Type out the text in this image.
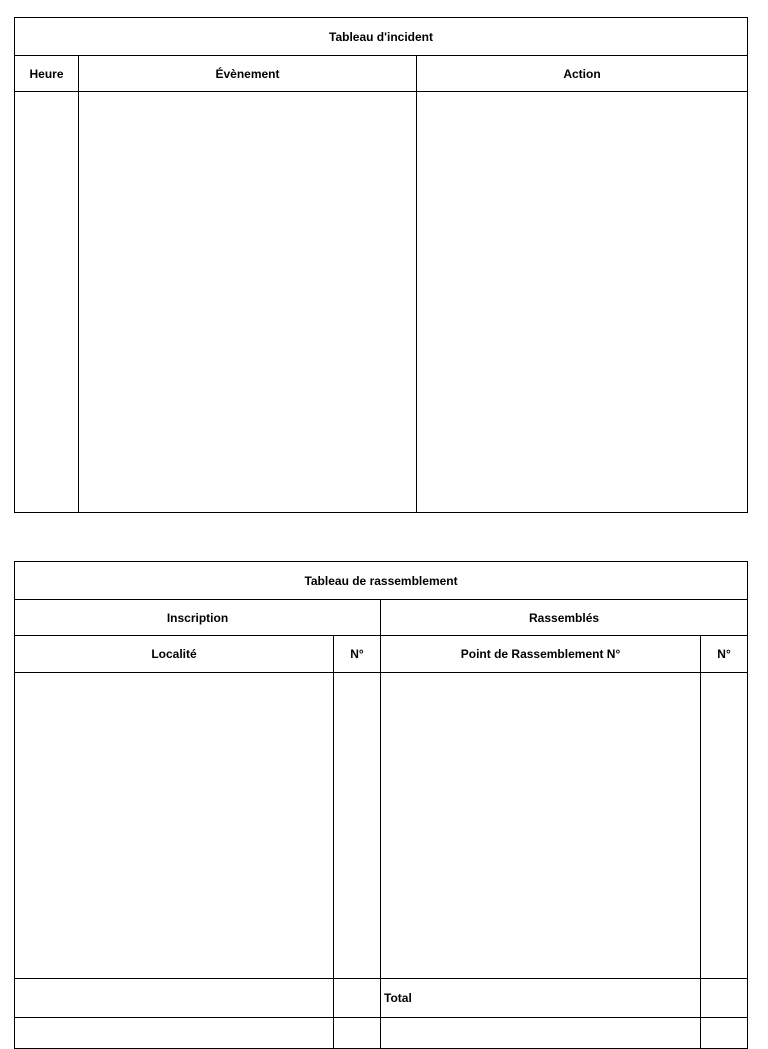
Tableau d'incident		
Heure	Évènement	Action

Tableau de rassemblement			
Inscription		Rassemblés	
Localité	N°	Point de Rassemblement N°	N°

		Total	
